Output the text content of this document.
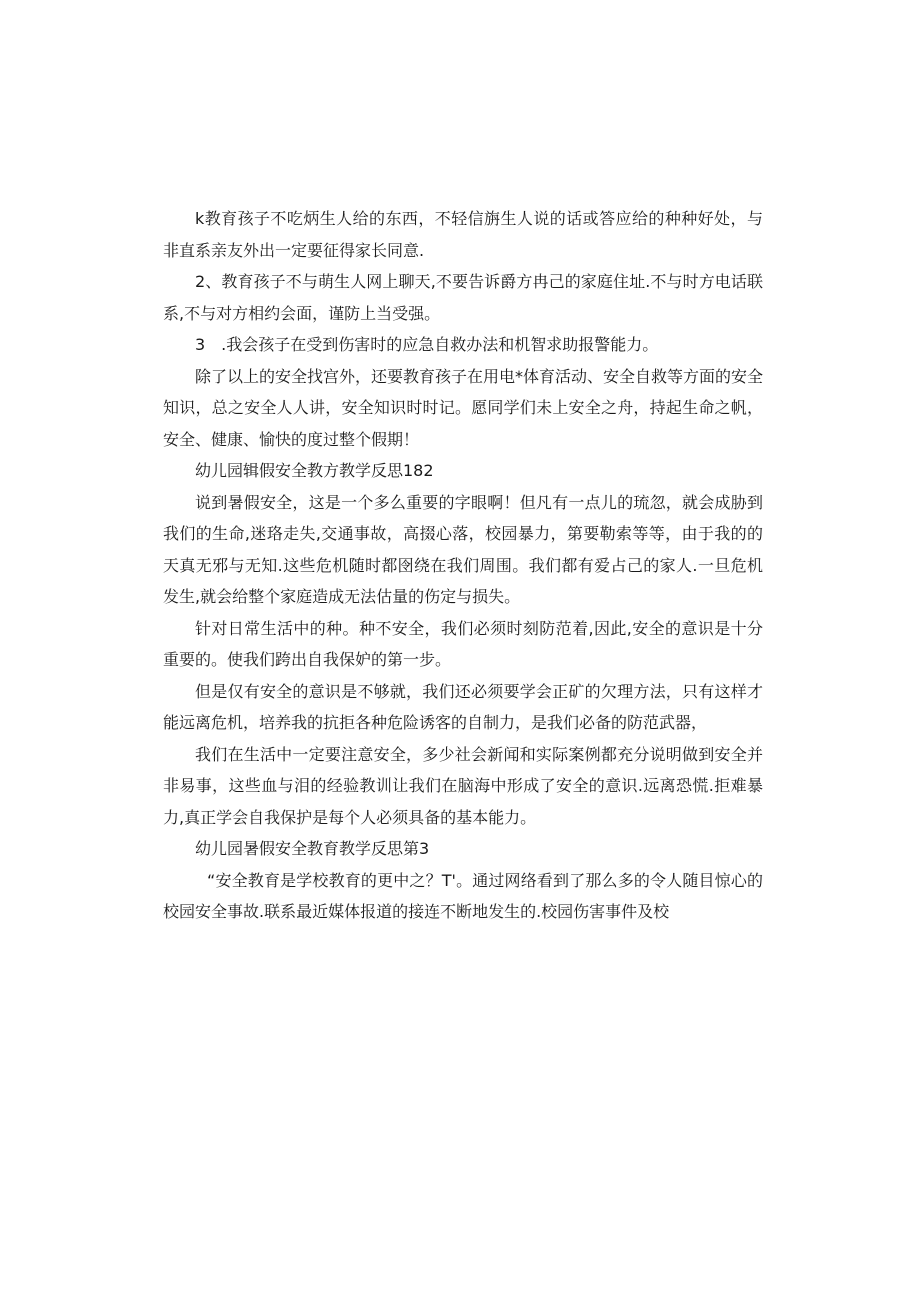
k教育孩子不吃炳生人给的东西，不轻信旃生人说的话或答应给的种种好处，与非直系亲友外出一定要征得家长同意.

2、教育孩子不与萌生人网上聊天,不要告诉爵方冉己的家庭住址.不与时方电话联系,不与对方相约会面，谨防上当受强。

3　.我会孩子在受到伤害时的应急自救办法和机智求助报警能力。

除了以上的安全找宫外，还要教育孩子在用电*体育活动、安全自救等方面的安全知识，总之安全人人讲，安全知识时时记。愿同学们未上安全之舟，持起生命之帆，安全、健康、愉快的度过整个假期！

幼儿园辑假安全教方教学反思182

说到暑假安全，这是一个多么重要的字眼啊！但凡有一点儿的琉忽，就会成胁到我们的生命,迷珞走失,交通事故，高掇心落，校园暴力，第要勒索等等，由于我的的天真无邪与无知.这些危机随时都囹绕在我们周围。我们都有爱占己的家人.一旦危机发生,就会给整个家庭造成无法估量的伤定与损失。

针对日常生活中的种。种不安全，我们必须时刻防范着,因此,安全的意识是十分重要的。使我们跨出自我保妒的第一步。

但是仅有安全的意识是不够就，我们还必须要学会正矿的欠理方法，只有这样才能远离危机，培养我的抗拒各种危险诱客的自制力，是我们必备的防范武器，

我们在生活中一定要注意安全，多少社会新闻和实际案例都充分说明做到安全并非易事，这些血与泪的经验教训让我们在脑海中形成了安全的意识.远离恐慌.拒难暴力,真正学会自我保护是每个人必须具备的基本能力。

幼儿园暑假安全教育教学反思第3

“安全教育是学校教育的更中之？T'。通过网络看到了那么多的令人随目惊心的校园安全事故.联系最近媒体报道的接连不断地发生的.校园伤害事件及校
